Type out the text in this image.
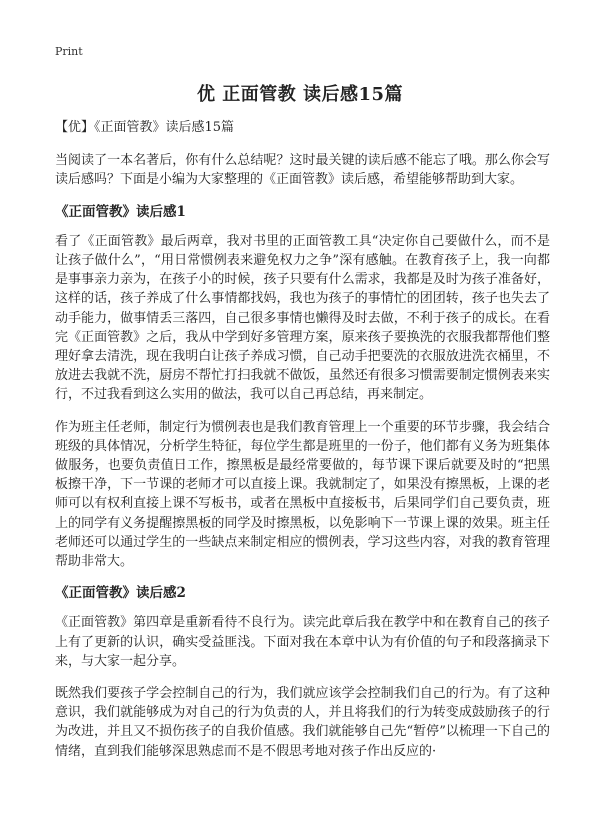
Print
优 正面管教 读后感15篇
【优】《正面管教》读后感15篇

当阅读了一本名著后，你有什么总结呢？这时最关键的读后感不能忘了哦。那么你会写读后感吗？下面是小编为大家整理的《正面管教》读后感，希望能够帮助到大家。

《正面管教》读后感1

看了《正面管教》最后两章，我对书里的正面管教工具“决定你自己要做什么，而不是让孩子做什么”，“用日常惯例表来避免权力之争”深有感触。在教育孩子上，我一向都是事事亲力亲为，在孩子小的时候，孩子只要有什么需求，我都是及时为孩子准备好，这样的话，孩子养成了什么事情都找妈，我也为孩子的事情忙的团团转，孩子也失去了动手能力，做事情丢三落四，自己很多事情也懒得及时去做，不利于孩子的成长。在看完《正面管教》之后，我从中学到好多管理方案，原来孩子要换洗的衣服我都帮他们整理好拿去清洗，现在我明白让孩子养成习惯，自己动手把要洗的衣服放进洗衣桶里，不放进去我就不洗，厨房不帮忙打扫我就不做饭，虽然还有很多习惯需要制定惯例表来实行，不过我看到这么实用的做法，我可以自己再总结，再来制定。

作为班主任老师，制定行为惯例表也是我们教育管理上一个重要的环节步骤，我会结合班级的具体情况，分析学生特征，每位学生都是班里的一份子，他们都有义务为班集体做服务，也要负责值日工作，擦黑板是最经常要做的，每节课下课后就要及时的“把黑板擦干净，下一节课的老师才可以直接上课。我就制定了，如果没有擦黑板，上课的老师可以有权利直接上课不写板书，或者在黑板中直接板书，后果同学们自己要负责，班上的同学有义务提醒擦黑板的同学及时擦黑板，以免影响下一节课上课的效果。班主任老师还可以通过学生的一些缺点来制定相应的惯例表，学习这些内容，对我的教育管理帮助非常大。

《正面管教》读后感2

《正面管教》第四章是重新看待不良行为。读完此章后我在教学中和在教育自己的孩子上有了更新的认识，确实受益匪浅。下面对我在本章中认为有价值的句子和段落摘录下来，与大家一起分享。

既然我们要孩子学会控制自己的行为，我们就应该学会控制我们自己的行为。有了这种意识，我们就能够成为对自己的行为负责的人，并且将我们的行为转变成鼓励孩子的行为改进，并且又不损伤孩子的自我价值感。我们就能够自己先“暂停”以梳理一下自己的情绪，直到我们能够深思熟虑而不是不假思考地对孩子作出反应的·
